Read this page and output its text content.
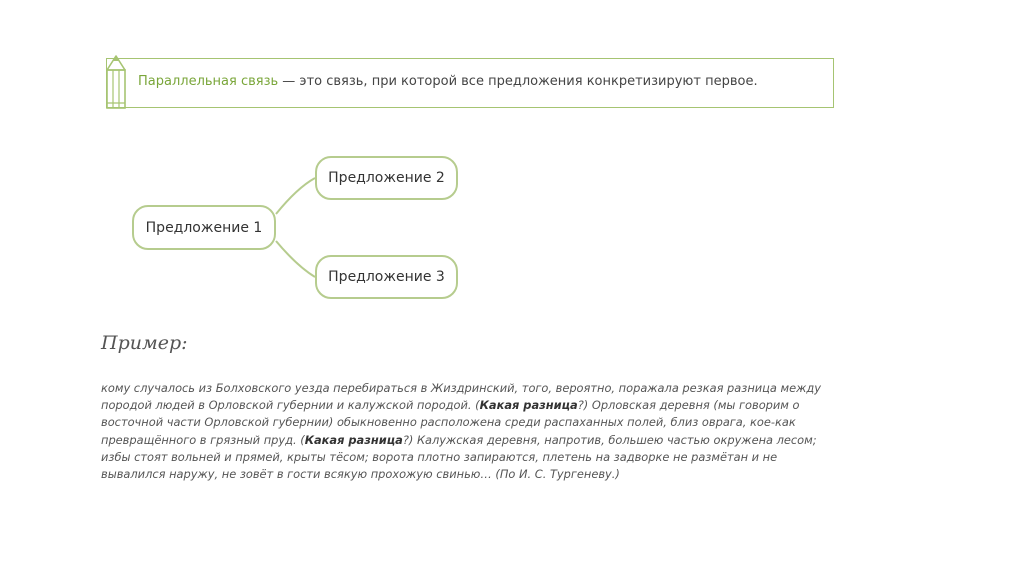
Параллельная связь — это связь, при которой все предложения конкретизируют первое.
Предложение 1
Предложение 2
Предложение 3
Пример:
кому случалось из Болховского уезда перебираться в Жиздринский, того, вероятно, поражала резкая разница между породой людей в Орловской губернии и калужской породой. (Какая разница?) Орловская деревня (мы говорим о восточной части Орловской губернии) обыкновенно расположена среди распаханных полей, близ оврага, кое-как превращённого в грязный пруд. (Какая разница?) Калужская деревня, напротив, большею частью окружена лесом; избы стоят вольней и прямей, крыты тёсом; ворота плотно запираются, плетень на задворке не размётан и не вывалился наружу, не зовёт в гости всякую прохожую свинью… (По И. С. Тургеневу.)
